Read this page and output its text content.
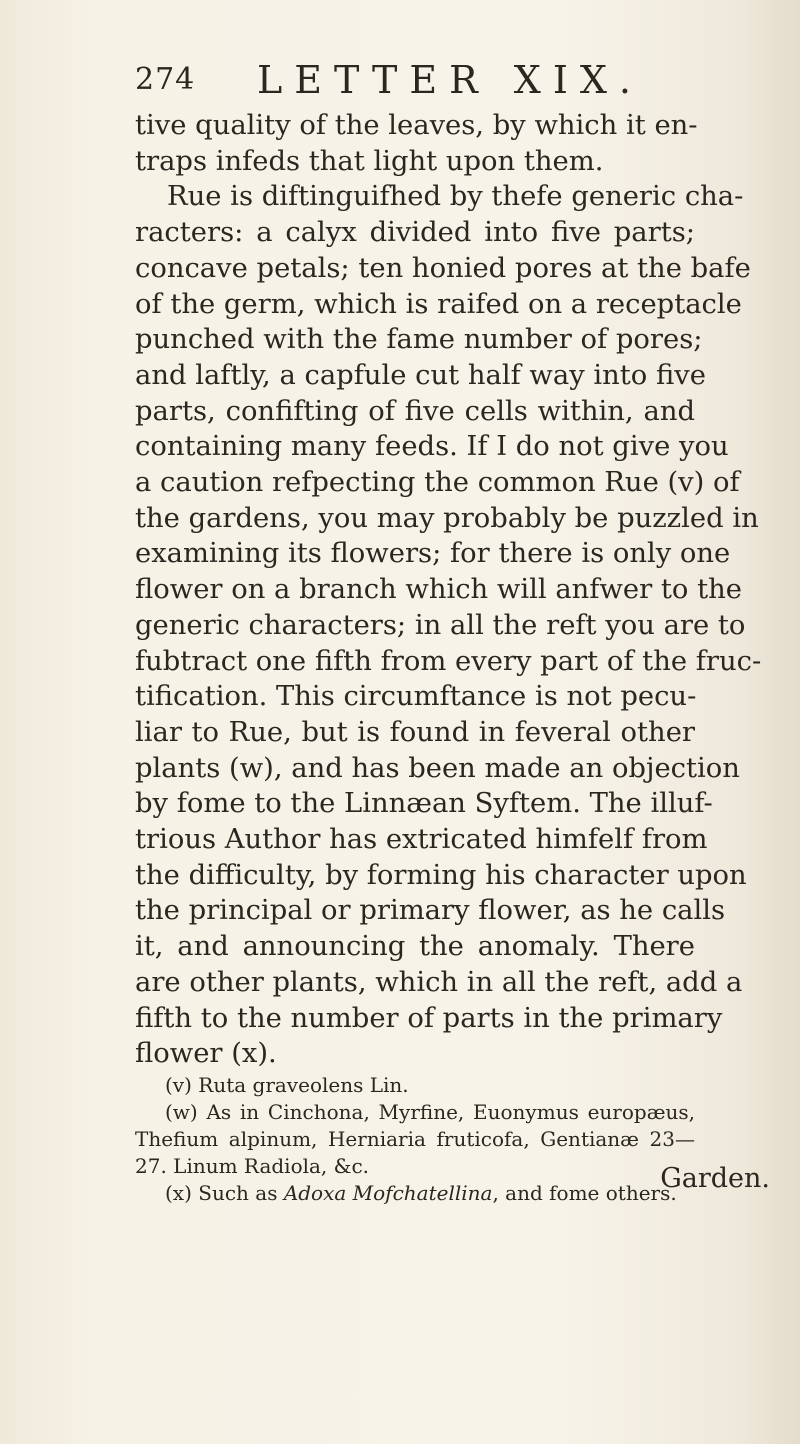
274 LETTER XIX.
tive quality of the leaves, by which it en-
traps infeds that light upon them.
Rue is diftinguifhed by thefe generic cha-
racters: a calyx divided into five parts;
concave petals; ten honied pores at the bafe
of the germ, which is raifed on a receptacle
punched with the fame number of pores;
and laftly, a capfule cut half way into five
parts, confifting of five cells within, and
containing many feeds. If I do not give you
a caution refpecting the common Rue (v) of
the gardens, you may probably be puzzled in
examining its flowers; for there is only one
flower on a branch which will anfwer to the
generic characters; in all the reft you are to
fubtract one fifth from every part of the fruc-
tification. This circumftance is not pecu-
liar to Rue, but is found in feveral other
plants (w), and has been made an objection
by fome to the Linnæan Syftem. The illuf-
trious Author has extricated himfelf from
the difficulty, by forming his character upon
the principal or primary flower, as he calls
it, and announcing the anomaly. There
are other plants, which in all the reft, add a
fifth to the number of parts in the primary
flower (x).
(v) Ruta graveolens Lin.
(w) As in Cinchona, Myrfine, Euonymus europæus,
Thefium alpinum, Herniaria fruticofa, Gentianæ 23—
27. Linum Radiola, &c.
(x) Such as Adoxa Mofchatellina, and fome others.
Garden.
